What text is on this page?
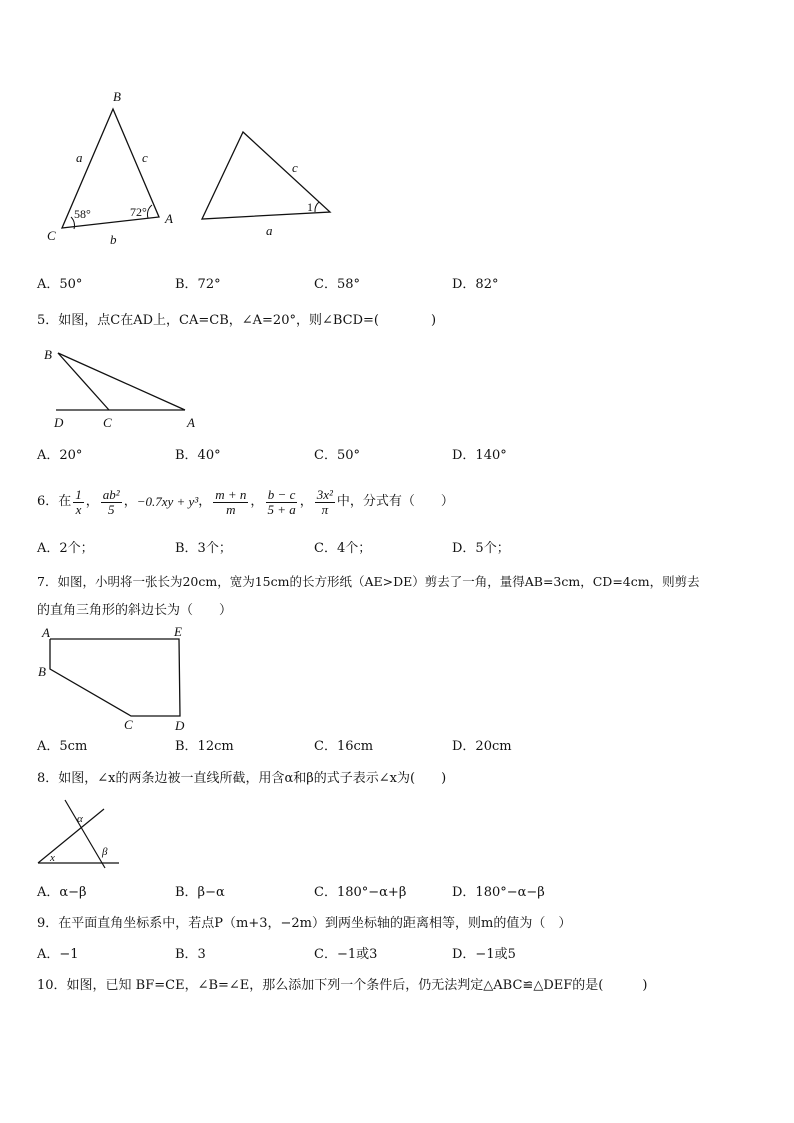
B
C
A
a	c
b
58°	72°
c
a
1
A．50°	B．72°	C．58°	D．82°
5．如图，点C在AD上，CA=CB，∠A=20°，则∠BCD=(　　　　)
B
D	C	A
A．20°	B．40°	C．50°	D．140°
6．在 $\frac{1}{x}$ ， $\frac{\text{ab²}}{5}$ ， −0.7xy + y³ ， $\frac{m + n}{m}$ ， $\frac{b - c}{5 + a}$ ， $\frac{\text{3x²}}{\pi}$ 中，分式有（　　）
A．2个；	B．3个；	C．4个；	D．5个；
7．如图，小明将一张长为20cm，宽为15cm的长方形纸（AE>DE）剪去了一角，量得AB=3cm，CD=4cm，则剪去
的直角三角形的斜边长为（　　）
A	E
B
C	D
A．5cm	B．12cm	C．16cm	D．20cm
8．如图，∠x的两条边被一直线所截，用含α和β的式子表示∠x为(　　)
α
β
x
A．α−β	B．β−α	C．180°−α+β	D．180°−α−β
9．在平面直角坐标系中，若点P（m+3，−2m）到两坐标轴的距离相等，则m的值为（　）
A．−1	B．3	C．−1或3	D．−1或5
10．如图，已知 BF=CE，∠B=∠E，那么添加下列一个条件后，仍无法判定△ABC≌△DEF的是(　　　)
